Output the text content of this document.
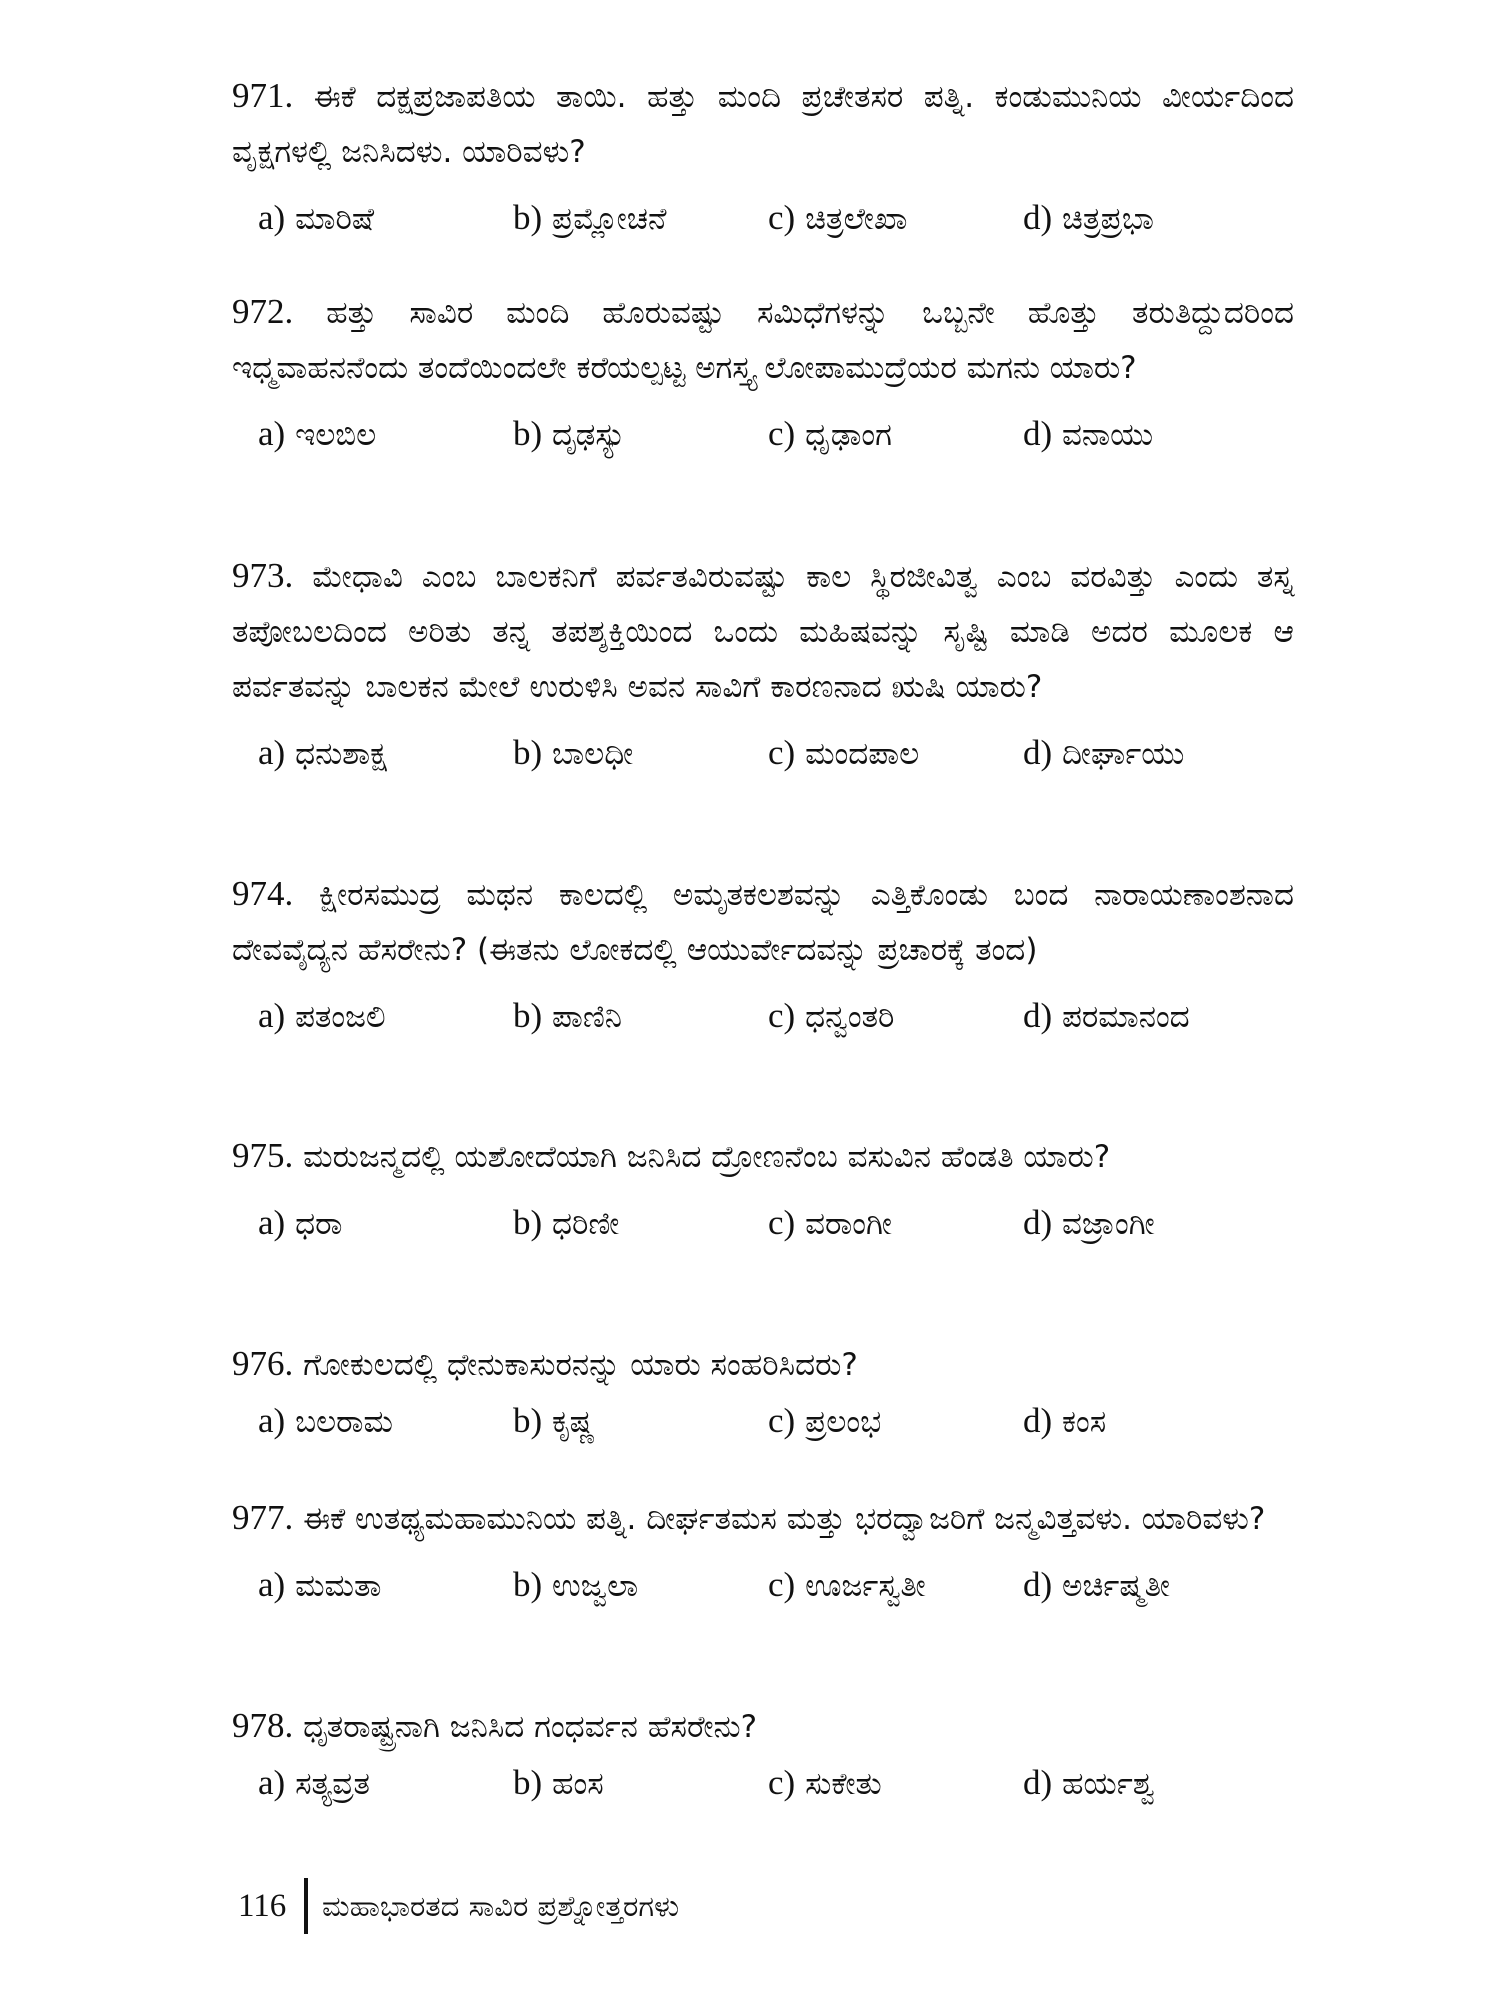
971. ಈಕೆ ದಕ್ಷಪ್ರಜಾಪತಿಯ ತಾಯಿ. ಹತ್ತು ಮಂದಿ ಪ್ರಚೇತಸರ ಪತ್ನಿ. ಕಂಡುಮುನಿಯ ವೀರ್ಯದಿಂದ ವೃಕ್ಷಗಳಲ್ಲಿ ಜನಿಸಿದಳು. ಯಾರಿವಳು?

a) ಮಾರಿಷೆ	b) ಪ್ರಮ್ಲೋಚನೆ	c) ಚಿತ್ರಲೇಖಾ	d) ಚಿತ್ರಪ್ರಭಾ

972. ಹತ್ತು ಸಾವಿರ ಮಂದಿ ಹೊರುವಷ್ಟು ಸಮಿಧೆಗಳನ್ನು ಒಬ್ಬನೇ ಹೊತ್ತು ತರುತಿದ್ದುದರಿಂದ ಇಧ್ಮವಾಹನನೆಂದು ತಂದೆಯಿಂದಲೇ ಕರೆಯಲ್ಪಟ್ಟ ಅಗಸ್ತ್ಯ ಲೋಪಾಮುದ್ರೆಯರ ಮಗನು ಯಾರು?

a) ಇಲಬಿಲ	b) ದೃಢಸ್ಯು	c) ಧೃಢಾಂಗ	d) ವನಾಯು

973. ಮೇಧಾವಿ ಎಂಬ ಬಾಲಕನಿಗೆ ಪರ್ವತವಿರುವಷ್ಟು ಕಾಲ ಸ್ಥಿರಜೀವಿತ್ವ ಎಂಬ ವರವಿತ್ತು ಎಂದು ತಸ್ನ ತಪೋಬಲದಿಂದ ಅರಿತು ತನ್ನ ತಪಶ್ಶಕ್ತಿಯಿಂದ ಒಂದು ಮಹಿಷವನ್ನು ಸೃಷ್ಟಿ ಮಾಡಿ ಅದರ ಮೂಲಕ ಆ ಪರ್ವತವನ್ನು ಬಾಲಕನ ಮೇಲೆ ಉರುಳಿಸಿ ಅವನ ಸಾವಿಗೆ ಕಾರಣನಾದ ಋಷಿ ಯಾರು?

a) ಧನುಶಾಕ್ಷ	b) ಬಾಲಧೀ	c) ಮಂದಪಾಲ	d) ದೀರ್ಘಾಯು

974. ಕ್ಷೀರಸಮುದ್ರ ಮಥನ ಕಾಲದಲ್ಲಿ ಅಮೃತಕಲಶವನ್ನು ಎತ್ತಿಕೊಂಡು ಬಂದ ನಾರಾಯಣಾಂಶನಾದ ದೇವವೈದ್ಯನ ಹೆಸರೇನು? (ಈತನು ಲೋಕದಲ್ಲಿ ಆಯುರ್ವೇದವನ್ನು ಪ್ರಚಾರಕ್ಕೆ ತಂದ)

a) ಪತಂಜಲಿ	b) ಪಾಣಿನಿ	c) ಧನ್ವಂತರಿ	d) ಪರಮಾನಂದ

975. ಮರುಜನ್ಮದಲ್ಲಿ ಯಶೋದೆಯಾಗಿ ಜನಿಸಿದ ದ್ರೋಣನೆಂಬ ವಸುವಿನ ಹೆಂಡತಿ ಯಾರು?

a) ಧರಾ	b) ಧರಿಣೀ	c) ವರಾಂಗೀ	d) ವಜ್ರಾಂಗೀ

976. ಗೋಕುಲದಲ್ಲಿ ಧೇನುಕಾಸುರನನ್ನು ಯಾರು ಸಂಹರಿಸಿದರು?

a) ಬಲರಾಮ	b) ಕೃಷ್ಣ	c) ಪ್ರಲಂಭ	d) ಕಂಸ

977. ಈಕೆ ಉತಥ್ಯಮಹಾಮುನಿಯ ಪತ್ನಿ. ದೀರ್ಘತಮಸ ಮತ್ತು ಭರದ್ವಾಜರಿಗೆ ಜನ್ಮವಿತ್ತವಳು. ಯಾರಿವಳು?

a) ಮಮತಾ	b) ಉಜ್ವಲಾ	c) ಊರ್ಜಸ್ವತೀ	d) ಅರ್ಚಿಷ್ಮತೀ

978. ಧೃತರಾಷ್ಟ್ರನಾಗಿ ಜನಿಸಿದ ಗಂಧರ್ವನ ಹೆಸರೇನು?

a) ಸತ್ಯವ್ರತ	b) ಹಂಸ	c) ಸುಕೇತು	d) ಹರ್ಯಶ್ವ
116	ಮಹಾಭಾರತದ ಸಾವಿರ ಪ್ರಶ್ನೋತ್ತರಗಳು
